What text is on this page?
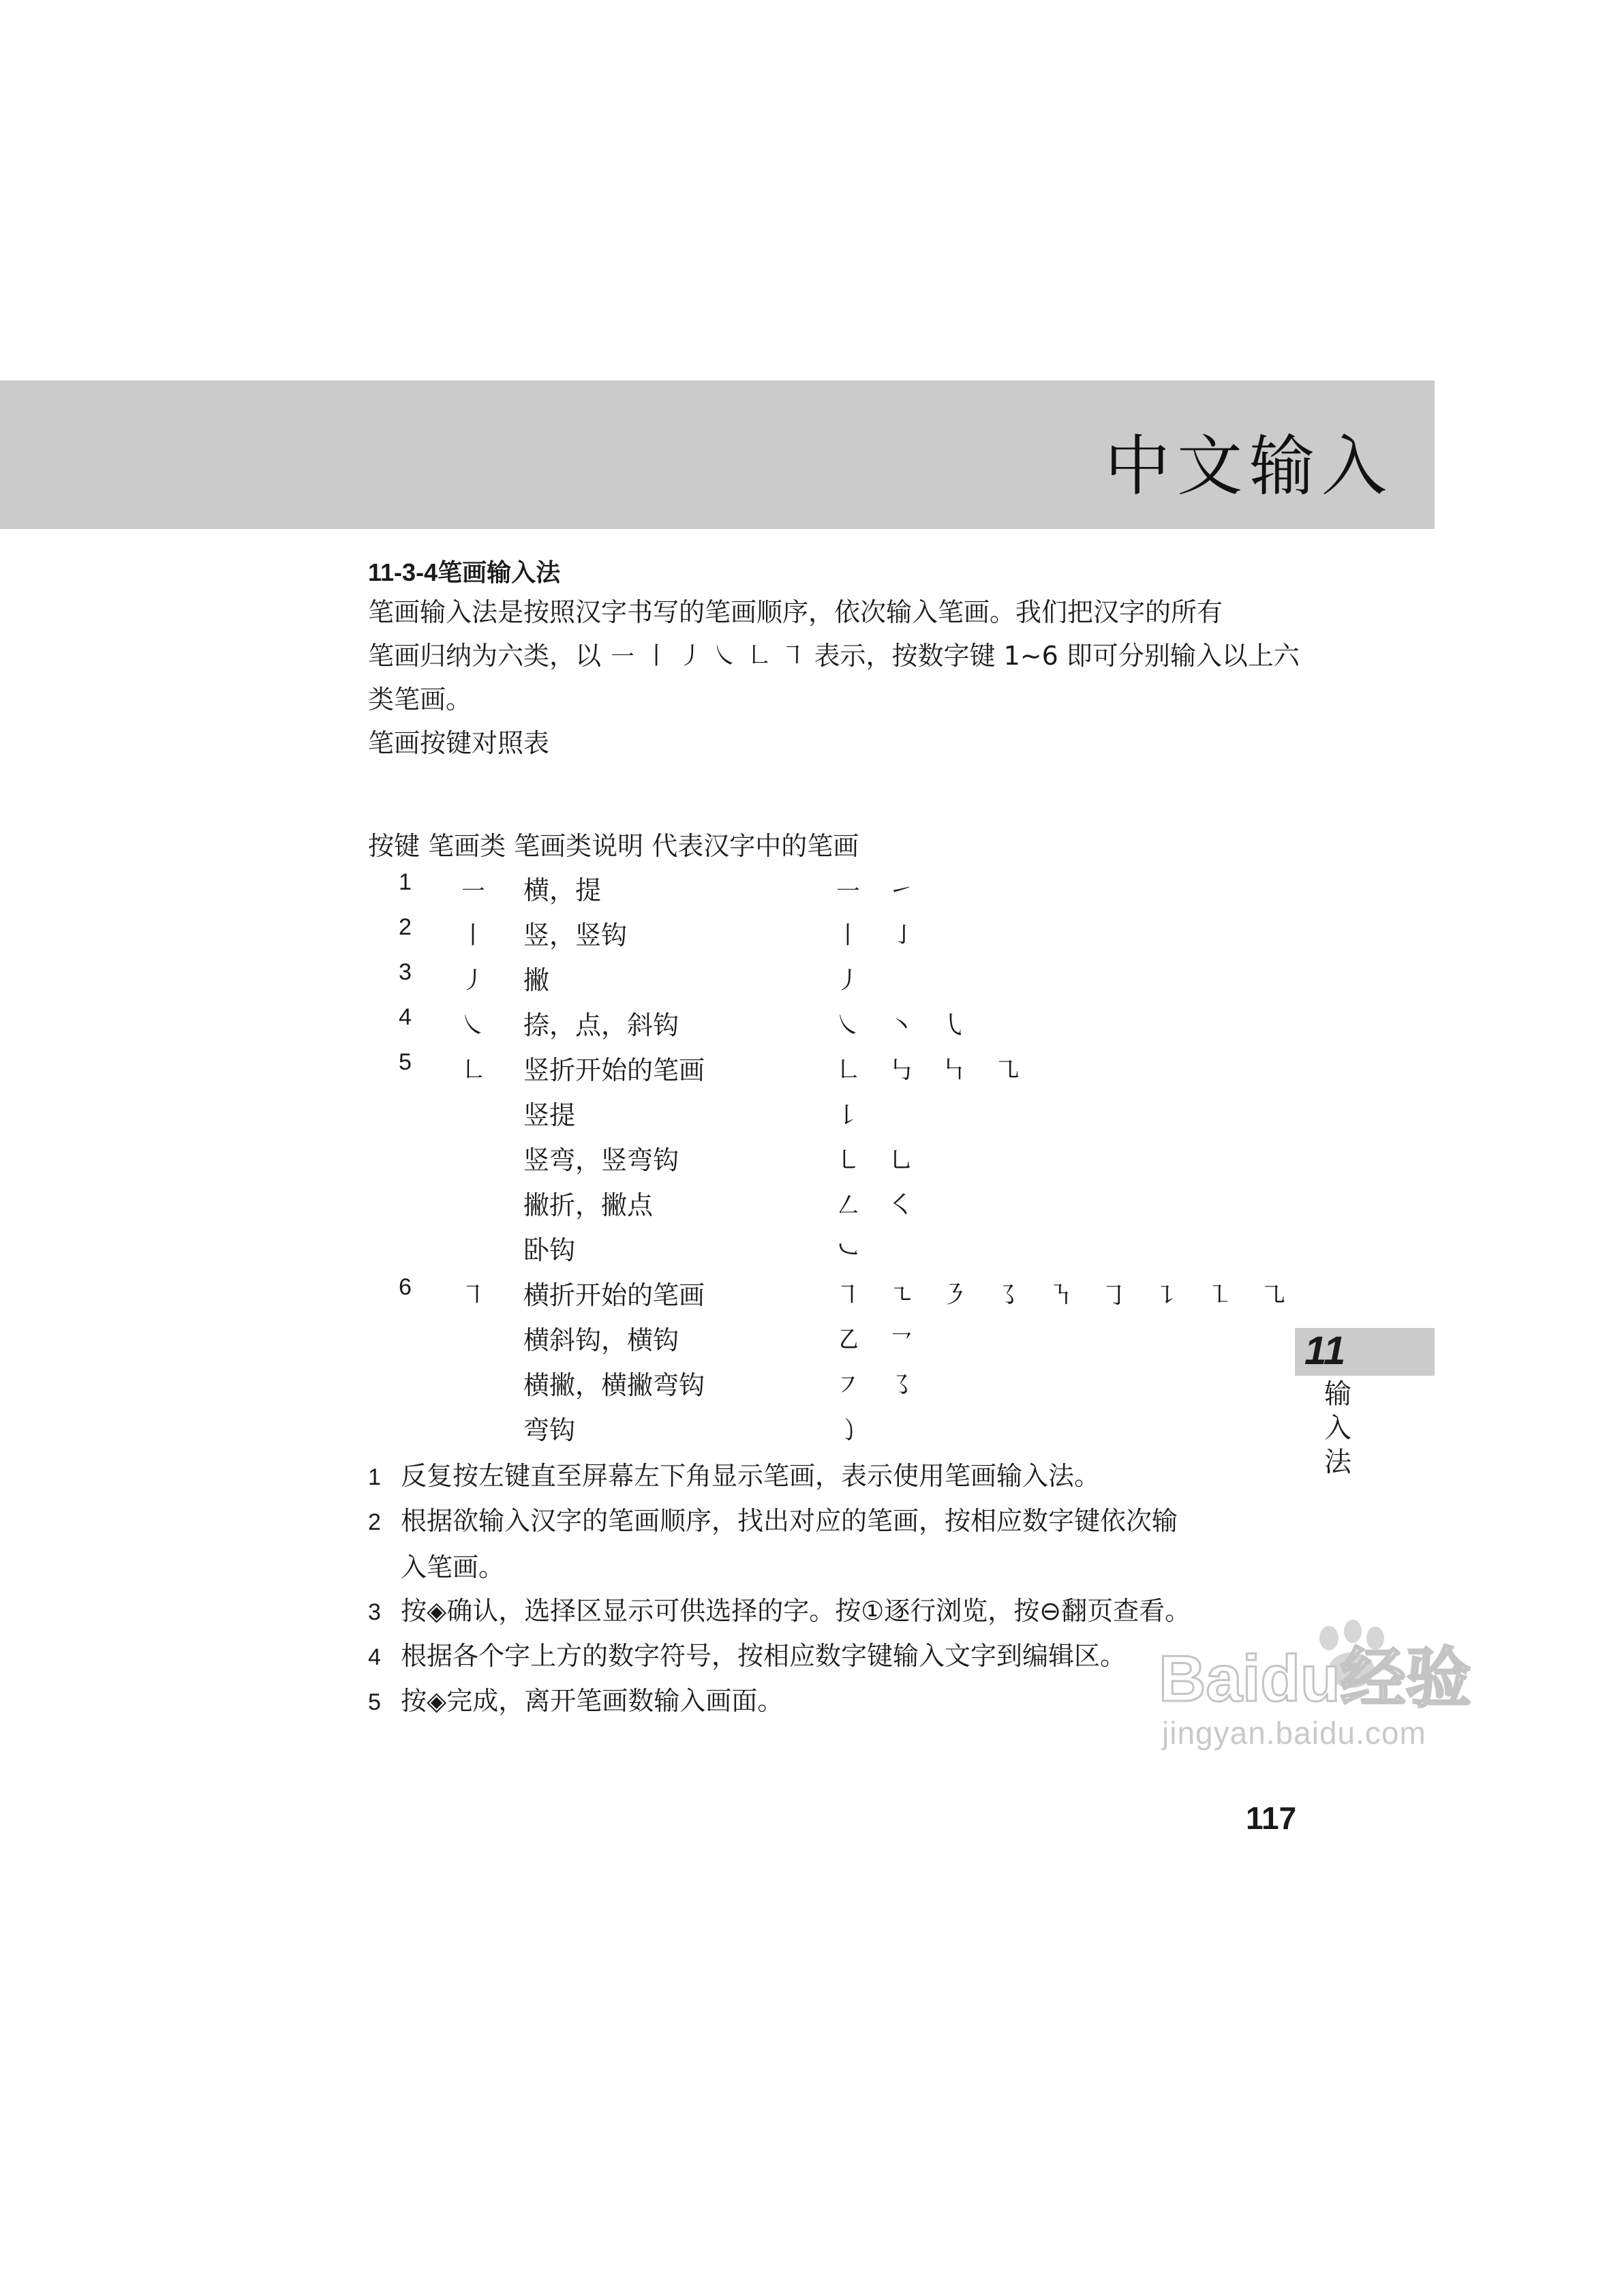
中文输入
11-3-4笔画输入法
笔画输入法是按照汉字书写的笔画顺序，依次输入笔画。我们把汉字的所有
笔画归纳为六类，以 ㇐ ㇑ ㇓ ㇏ ㇗ ㇕ 表示，按数字键 1~6 即可分别输入以上六
类笔画。
笔画按键对照表
按键 笔画类 笔画类说明 代表汉字中的笔画
1 ㇐ 横，提	㇐ ㇀
2 ㇑ 竖，竖钩	㇑ ㇚
3 ㇓ 撇	㇓
4 ㇏ 捺，点，斜钩	㇏ ㇔ ㇂
5 ㇗ 竖折开始的笔画	㇗ ㇉ ㇞ ㇈
竖提	㇙
竖弯，竖弯钩	㇄ ㇟
撇折，撇点	㇜ ㇛
卧钩	㇃
6 ㇕ 横折开始的笔画	㇕ ㇍ ㇋ ㇌ ㇎ ㇆ ㇊ ㇅ ㇈
横斜钩，横钩	㇠ ㇖
横撇，横撇弯钩	㇇ ㇌
弯钩	㇁
1 反复按左键直至屏幕左下角显示笔画，表示使用笔画输入法。
2 根据欲输入汉字的笔画顺序，找出对应的笔画，按相应数字键依次输
入笔画。
3 按◈确认，选择区显示可供选择的字。按①逐行浏览，按⊖翻页查看。
4 根据各个字上方的数字符号，按相应数字键输入文字到编辑区。
5 按◈完成，离开笔画数输入画面。
11
输入法
117
Baidu经验
jingyan.baidu.com
